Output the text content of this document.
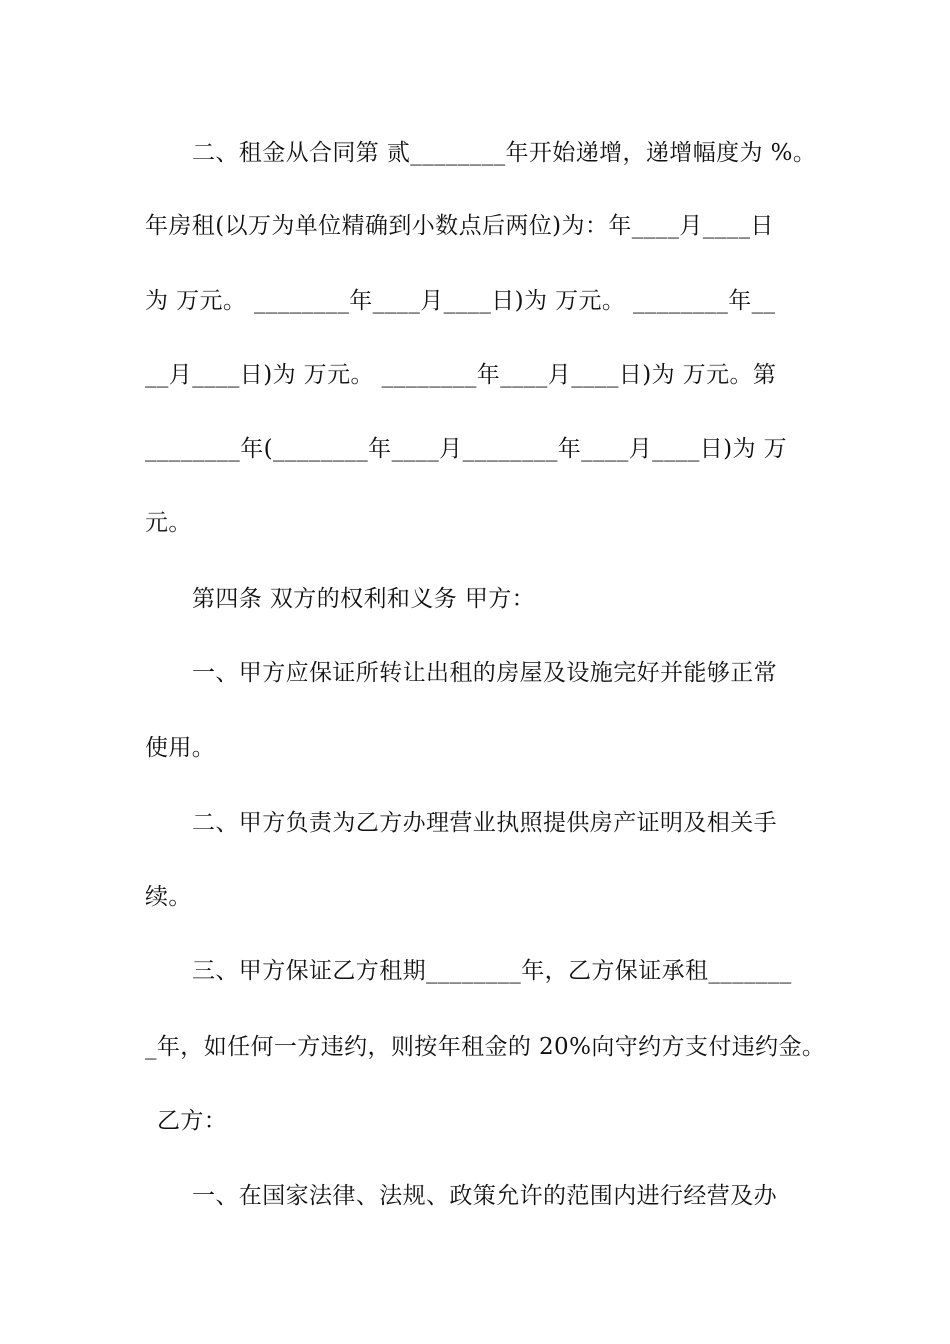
二、租金从合同第 贰________年开始递增，递增幅度为 %。
年房租(以万为单位精确到小数点后两位)为：年____月____日
为 万元。 ________年____月____日)为 万元。 ________年__
__月____日)为 万元。 ________年____月____日)为 万元。第
________年(________年____月________年____月____日)为 万
元。
第四条 双方的权利和义务 甲方：
一、甲方应保证所转让出租的房屋及设施完好并能够正常
使用。
二、甲方负责为乙方办理营业执照提供房产证明及相关手
续。
三、甲方保证乙方租期________年，乙方保证承租_______
_年，如任何一方违约，则按年租金的 20%向守约方支付违约金。
乙方：
一、在国家法律、法规、政策允许的范围内进行经营及办
